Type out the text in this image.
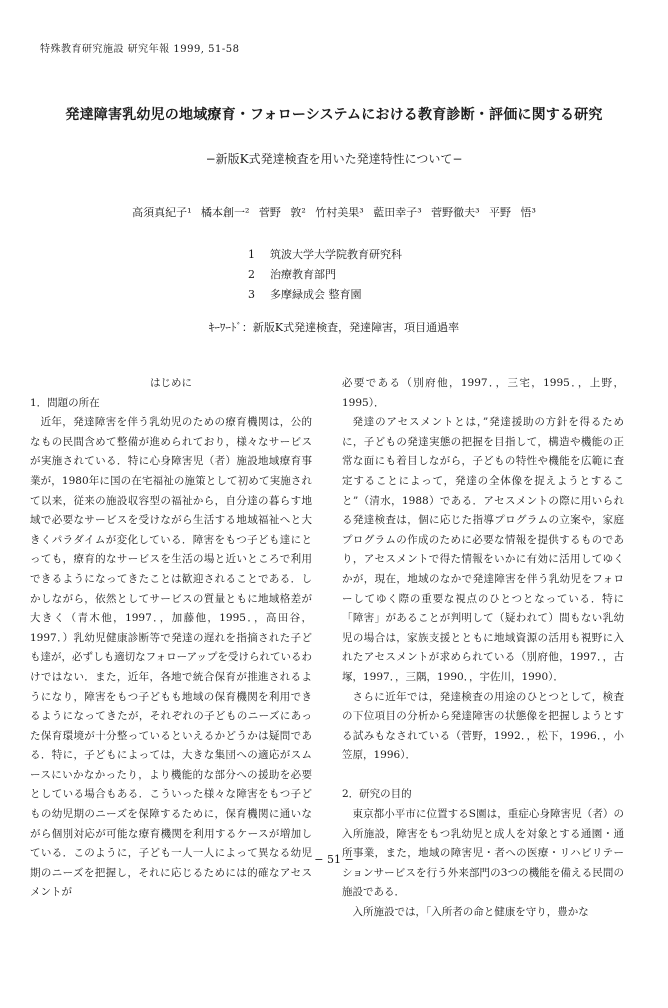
特殊教育研究施設 研究年報 1999, 51-58
発達障害乳幼児の地域療育・フォローシステムにおける教育診断・評価に関する研究
−新版K式発達検査を用いた発達特性について−
高須真紀子¹ 橘本創一² 菅野 敦² 竹村美果³ 藍田幸子³ 菅野徹夫³ 平野 悟³
1 筑波大学大学院教育研究科
2 治療教育部門
3 多摩緑成会 整育園
ｷｰﾜｰﾄﾞ：新版K式発達検査，発達障害，項目通過率

はじめに

1．問題の所在

近年，発達障害を伴う乳幼児のための療育機関は，公的なもの民間含めて整備が進められており，様々なサービスが実施されている．特に心身障害児（者）施設地域療育事業が，1980年に国の在宅福祉の施策として初めて実施されて以来，従来の施設収容型の福祉から，自分達の暮らす地域で必要なサービスを受けながら生活する地域福祉へと大きくパラダイムが変化している．障害をもつ子ども達にとっても，療育的なサービスを生活の場と近いところで利用できるようになってきたことは歓迎されることである．しかしながら，依然としてサービスの質量ともに地域格差が大きく（青木他，1997．，加藤他，1995．，高田谷，1997．）乳幼児健康診断等で発達の遅れを指摘された子ども達が，必ずしも適切なフォローアップを受けられているわけではない．また，近年，各地で統合保育が推進されるようになり，障害をもつ子どもも地域の保育機関を利用できるようになってきたが，それぞれの子どものニーズにあった保育環境が十分整っているといえるかどうかは疑問である．特に，子どもによっては，大きな集団への適応がスムースにいかなかったり，より機能的な部分への援助を必要としている場合もある．こういった様々な障害をもつ子どもの幼児期のニーズを保障するために，保育機関に通いながら個別対応が可能な療育機関を利用するケースが増加している．このように，子ども一人一人によって異なる幼児期のニーズを把握し，それに応じるためには的確なアセスメントが

必要である（別府他，1997．，三宅，1995．，上野，1995）．

発達のアセスメントとは，”発達援助の方針を得るために，子どもの発達実態の把握を目指して，構造や機能の正常な面にも着目しながら，子どもの特性や機能を広範に査定することによって，発達の全体像を捉えようとすること”（清水，1988）である．アセスメントの際に用いられる発達検査は，個に応じた指導プログラムの立案や，家庭プログラムの作成のために必要な情報を提供するものであり，アセスメントで得た情報をいかに有効に活用してゆくかが，現在，地域のなかで発達障害を伴う乳幼児をフォローしてゆく際の重要な視点のひとつとなっている．特に「障害」があることが判明して（疑われて）間もない乳幼児の場合は，家族支援とともに地域資源の活用も視野に入れたアセスメントが求められている（別府他，1997．，古塚，1997．，三隅，1990．，宇佐川，1990）．

さらに近年では，発達検査の用途のひとつとして，検査の下位項目の分析から発達障害の状態像を把握しようとする試みもなされている（菅野，1992．，松下，1996．，小笠原，1996）．

2．研究の目的

東京都小平市に位置するS園は，重症心身障害児（者）の入所施設，障害をもつ乳幼児と成人を対象とする通園・通所事業，また，地域の障害児・者への医療・リハビリテーションサービスを行う外来部門の3つの機能を備える民間の施設である．

入所施設では，「入所者の命と健康を守り，豊かな

− 51 −
